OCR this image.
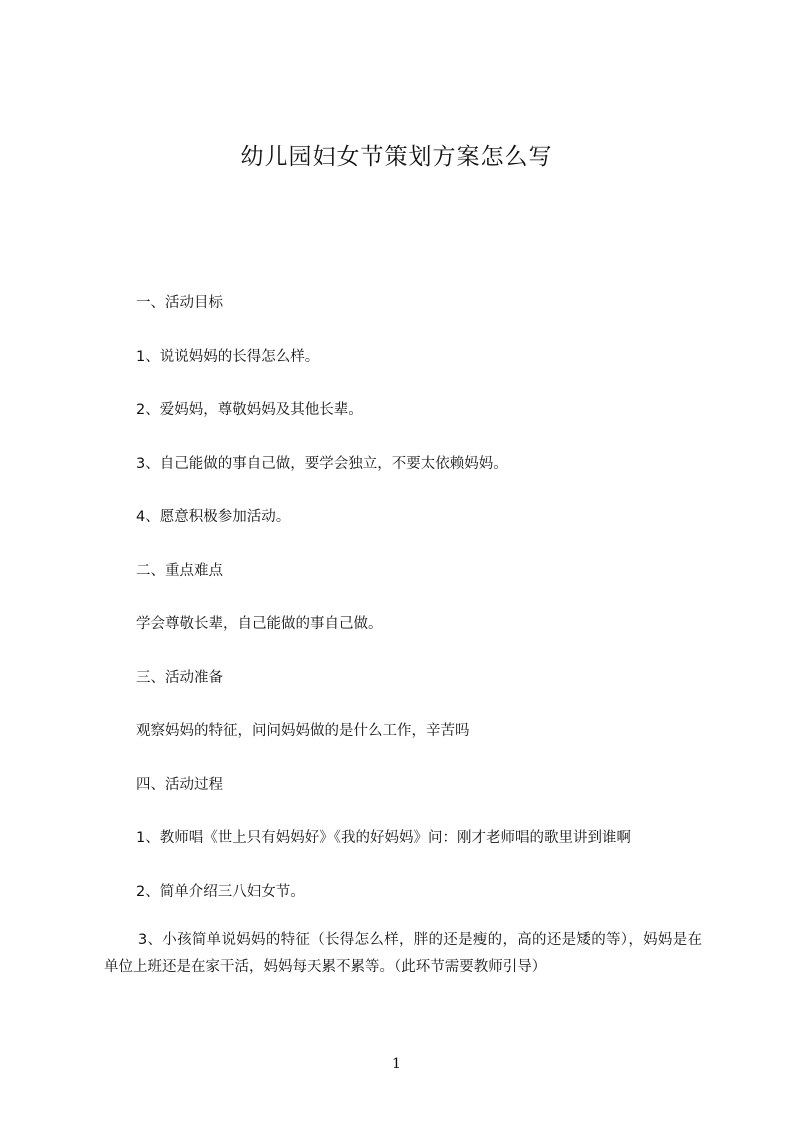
幼儿园妇女节策划方案怎么写

一、活动目标

1、说说妈妈的长得怎么样。

2、爱妈妈，尊敬妈妈及其他长辈。

3、自己能做的事自己做，要学会独立，不要太依赖妈妈。

4、愿意积极参加活动。

二、重点难点

学会尊敬长辈，自己能做的事自己做。

三、活动准备

观察妈妈的特征，问问妈妈做的是什么工作，辛苦吗

四、活动过程

1、教师唱《世上只有妈妈好》《我的好妈妈》问：刚才老师唱的歌里讲到谁啊

2、简单介绍三八妇女节。

3、小孩简单说妈妈的特征（长得怎么样，胖的还是瘦的，高的还是矮的等），妈妈是在单位上班还是在家干活，妈妈每天累不累等。（此环节需要教师引导）

1
